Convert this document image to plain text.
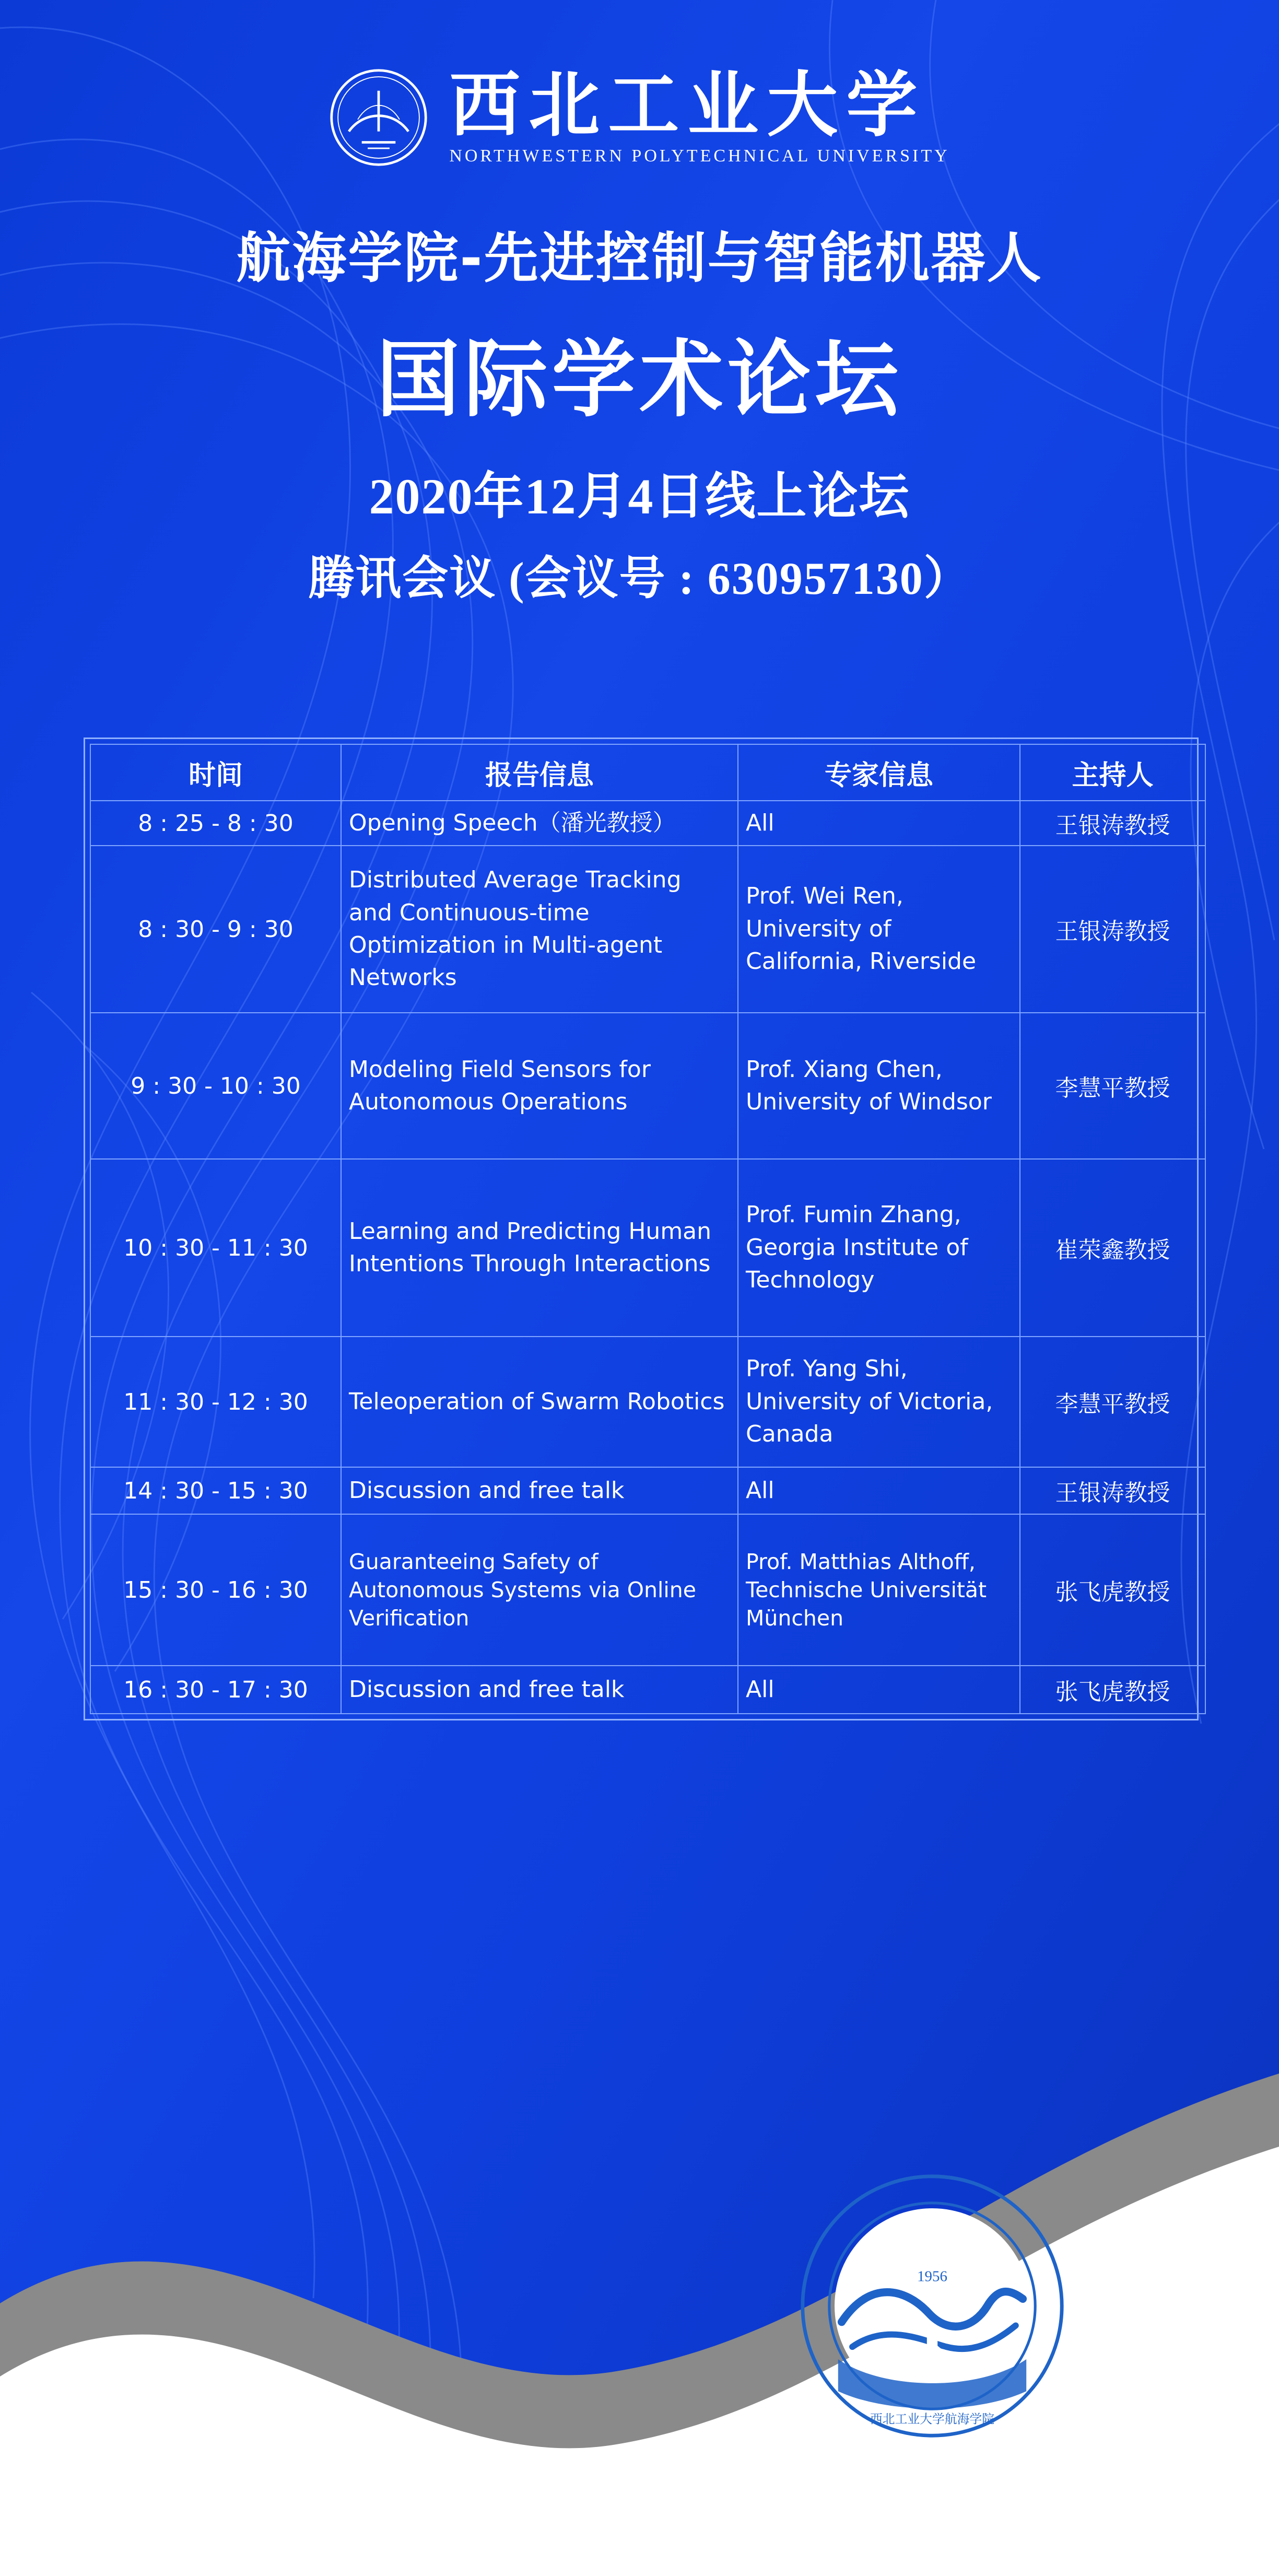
西北工业大学
NORTHWESTERN POLYTECHNICAL UNIVERSITY
航海学院-先进控制与智能机器人
国际学术论坛
2020年12月4日线上论坛
腾讯会议 (会议号 : 630957130）
时间	报告信息	专家信息	主持人
8 : 25 - 8 : 30	Opening Speech（潘光教授）	All	王银涛教授
8 : 30 - 9 : 30	Distributed Average Tracking and Continuous-time Optimization in Multi-agent Networks	Prof. Wei Ren, University of California, Riverside	王银涛教授
9 : 30 - 10 : 30	Modeling Field Sensors for Autonomous Operations	Prof. Xiang Chen, University of Windsor	李慧平教授
10 : 30 - 11 : 30	Learning and Predicting Human Intentions Through Interactions	Prof. Fumin Zhang, Georgia Institute of Technology	崔荣鑫教授
11 : 30 - 12 : 30	Teleoperation of Swarm Robotics	Prof. Yang Shi, University of Victoria, Canada	李慧平教授
14 : 30 - 15 : 30	Discussion and free talk	All	王银涛教授
15 : 30 - 16 : 30	Guaranteeing Safety of Autonomous Systems via Online Verification	Prof. Matthias Althoff, Technische Universität München	张飞虎教授
16 : 30 - 17 : 30	Discussion and free talk	All	张飞虎教授
1956
西北工业大学航海学院
